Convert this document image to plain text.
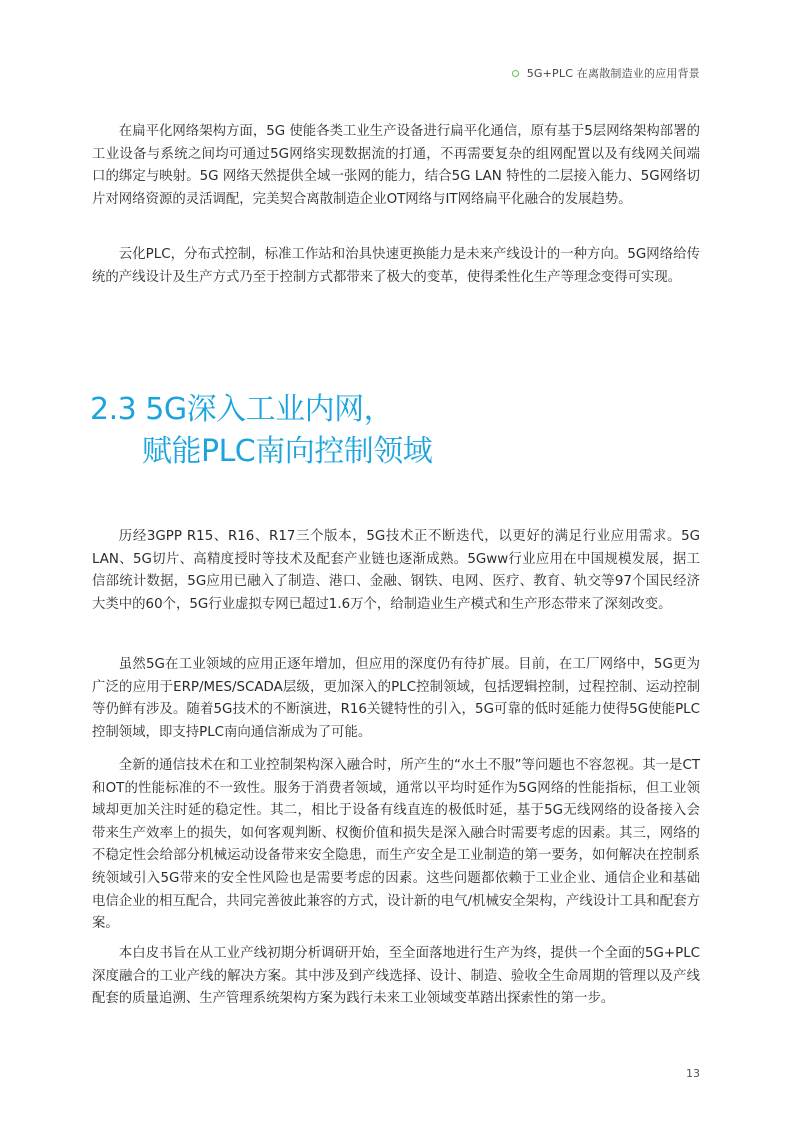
5G+PLC 在离散制造业的应用背景

在扁平化网络架构方面，5G 使能各类工业生产设备进行扁平化通信，原有基于5层网络架构部署的工业设备与系统之间均可通过5G网络实现数据流的打通，不再需要复杂的组网配置以及有线网关间端口的绑定与映射。5G 网络天然提供全域一张网的能力，结合5G LAN 特性的二层接入能力、5G网络切片对网络资源的灵活调配，完美契合离散制造企业OT网络与IT网络扁平化融合的发展趋势。

云化PLC，分布式控制，标准工作站和治具快速更换能力是未来产线设计的一种方向。5G网络给传统的产线设计及生产方式乃至于控制方式都带来了极大的变革，使得柔性化生产等理念变得可实现。

2.3 5G深入工业内网，
赋能PLC南向控制领域

历经3GPP R15、R16、R17三个版本，5G技术正不断迭代，以更好的满足行业应用需求。5G LAN、5G切片、高精度授时等技术及配套产业链也逐渐成熟。5Gww行业应用在中国规模发展，据工信部统计数据，5G应用已融入了制造、港口、金融、钢铁、电网、医疗、教育、轨交等97个国民经济大类中的60个，5G行业虚拟专网已超过1.6万个，给制造业生产模式和生产形态带来了深刻改变。

虽然5G在工业领域的应用正逐年增加，但应用的深度仍有待扩展。目前，在工厂网络中，5G更为广泛的应用于ERP/MES/SCADA层级，更加深入的PLC控制领域，包括逻辑控制，过程控制、运动控制等仍鲜有涉及。随着5G技术的不断演进，R16关键特性的引入，5G可靠的低时延能力使得5G使能PLC控制领域，即支持PLC南向通信渐成为了可能。

全新的通信技术在和工业控制架构深入融合时，所产生的“水土不服”等问题也不容忽视。其一是CT和OT的性能标准的不一致性。服务于消费者领域，通常以平均时延作为5G网络的性能指标，但工业领域却更加关注时延的稳定性。其二，相比于设备有线直连的极低时延，基于5G无线网络的设备接入会带来生产效率上的损失，如何客观判断、权衡价值和损失是深入融合时需要考虑的因素。其三，网络的不稳定性会给部分机械运动设备带来安全隐患，而生产安全是工业制造的第一要务，如何解决在控制系统领域引入5G带来的安全性风险也是需要考虑的因素。这些问题都依赖于工业企业、通信企业和基础电信企业的相互配合，共同完善彼此兼容的方式，设计新的电气/机械安全架构，产线设计工具和配套方案。

本白皮书旨在从工业产线初期分析调研开始，至全面落地进行生产为终，提供一个全面的5G+PLC深度融合的工业产线的解决方案。其中涉及到产线选择、设计、制造、验收全生命周期的管理以及产线配套的质量追溯、生产管理系统架构方案为践行未来工业领域变革踏出探索性的第一步。

13
